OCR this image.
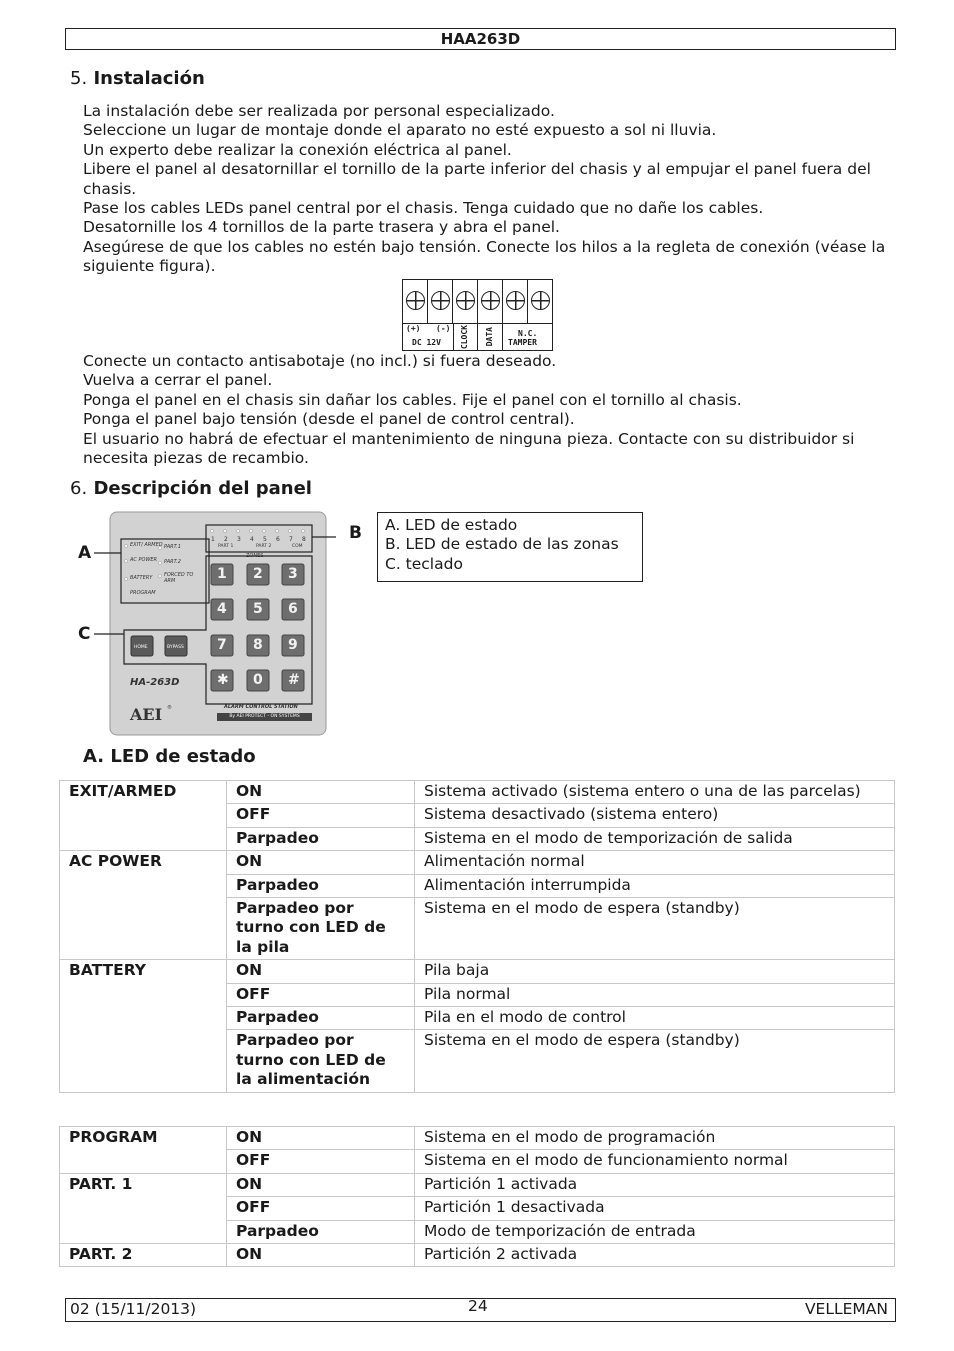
HAA263D
5. Instalación

La instalación debe ser realizada por personal especializado.

Seleccione un lugar de montaje donde el aparato no esté expuesto a sol ni lluvia.

Un experto debe realizar la conexión eléctrica al panel.

Libere el panel al desatornillar el tornillo de la parte inferior del chasis y al empujar el panel fuera del chasis.

Pase los cables LEDs panel central por el chasis. Tenga cuidado que no dañe los cables.

Desatornille los 4 tornillos de la parte trasera y abra el panel.

Asegúrese de que los cables no estén bajo tensión. Conecte los hilos a la regleta de conexión (véase la siguiente figura).

(+) (-)
DC 12V CLOCK DATA	N.C.
TAMPER

Conecte un contacto antisabotaje (no incl.) si fuera deseado.

Vuelva a cerrar el panel.

Ponga el panel en el chasis sin dañar los cables. Fije el panel con el tornillo al chasis.

Ponga el panel bajo tensión (desde el panel de control central).

El usuario no habrá de efectuar el mantenimiento de ninguna pieza. Contacte con su distribuidor si necesita piezas de recambio.

6. Descripción del panel
A
B
C
EXIT/ ARMED
AC POWER
BATTERY
PROGRAM
PART.1
PART.2
FORCED TO ARM
1 2 3 4 5 6 7 8
PART 1	PART 2	COM
ZONES
1 2 3
4 5 6
7 8 9
✱ 0 #
HOME	BYPASS
HA-263D
AEI ®	ALARM CONTROL STATION
By AEI PROTECT - ON SYSTEMS

A. LED de estado

B. LED de estado de las zonas

C. teclado

A. LED de estado
EXIT/ARMED	ON	Sistema activado (sistema entero o una de las parcelas)
	OFF	Sistema desactivado (sistema entero)
	Parpadeo	Sistema en el modo de temporización de salida
AC POWER	ON	Alimentación normal
	Parpadeo	Alimentación interrumpida
	Parpadeo por turno con LED de la pila	Sistema en el modo de espera (standby)
BATTERY	ON	Pila baja
	OFF	Pila normal
	Parpadeo	Pila en el modo de control
	Parpadeo por turno con LED de la alimentación	Sistema en el modo de espera (standby)
PROGRAM	ON	Sistema en el modo de programación
	OFF	Sistema en el modo de funcionamiento normal
PART. 1	ON	Partición 1 activada
	OFF	Partición 1 desactivada
	Parpadeo	Modo de temporización de entrada
PART. 2	ON	Partición 2 activada
02 (15/11/2013)	24	VELLEMAN
